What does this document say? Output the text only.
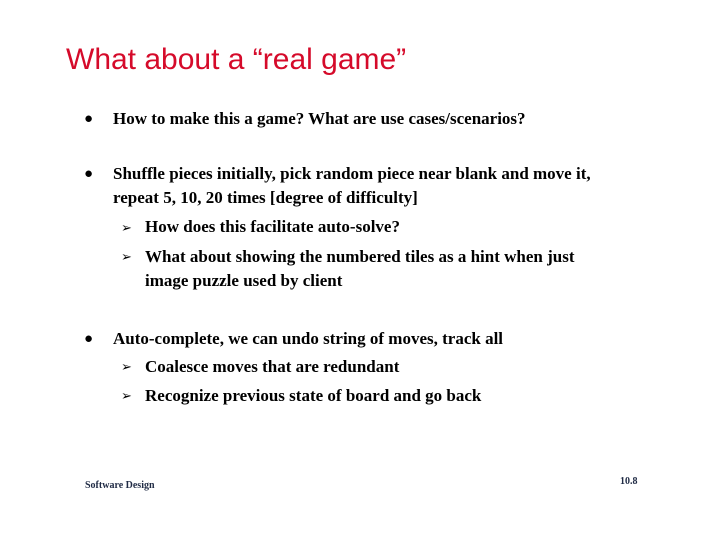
What about a “real game”
● How to make this a game? What are use cases/scenarios?

● Shuffle pieces initially, pick random piece near blank and move it, repeat 5, 10, 20 times [degree of difficulty]

➢ How does this facilitate auto-solve?

➢ What about showing the numbered tiles as a hint when just image puzzle used by client

● Auto-complete, we can undo string of moves, track all

➢ Coalesce moves that are redundant

➢ Recognize previous state of board and go back

Software Design	10.8
